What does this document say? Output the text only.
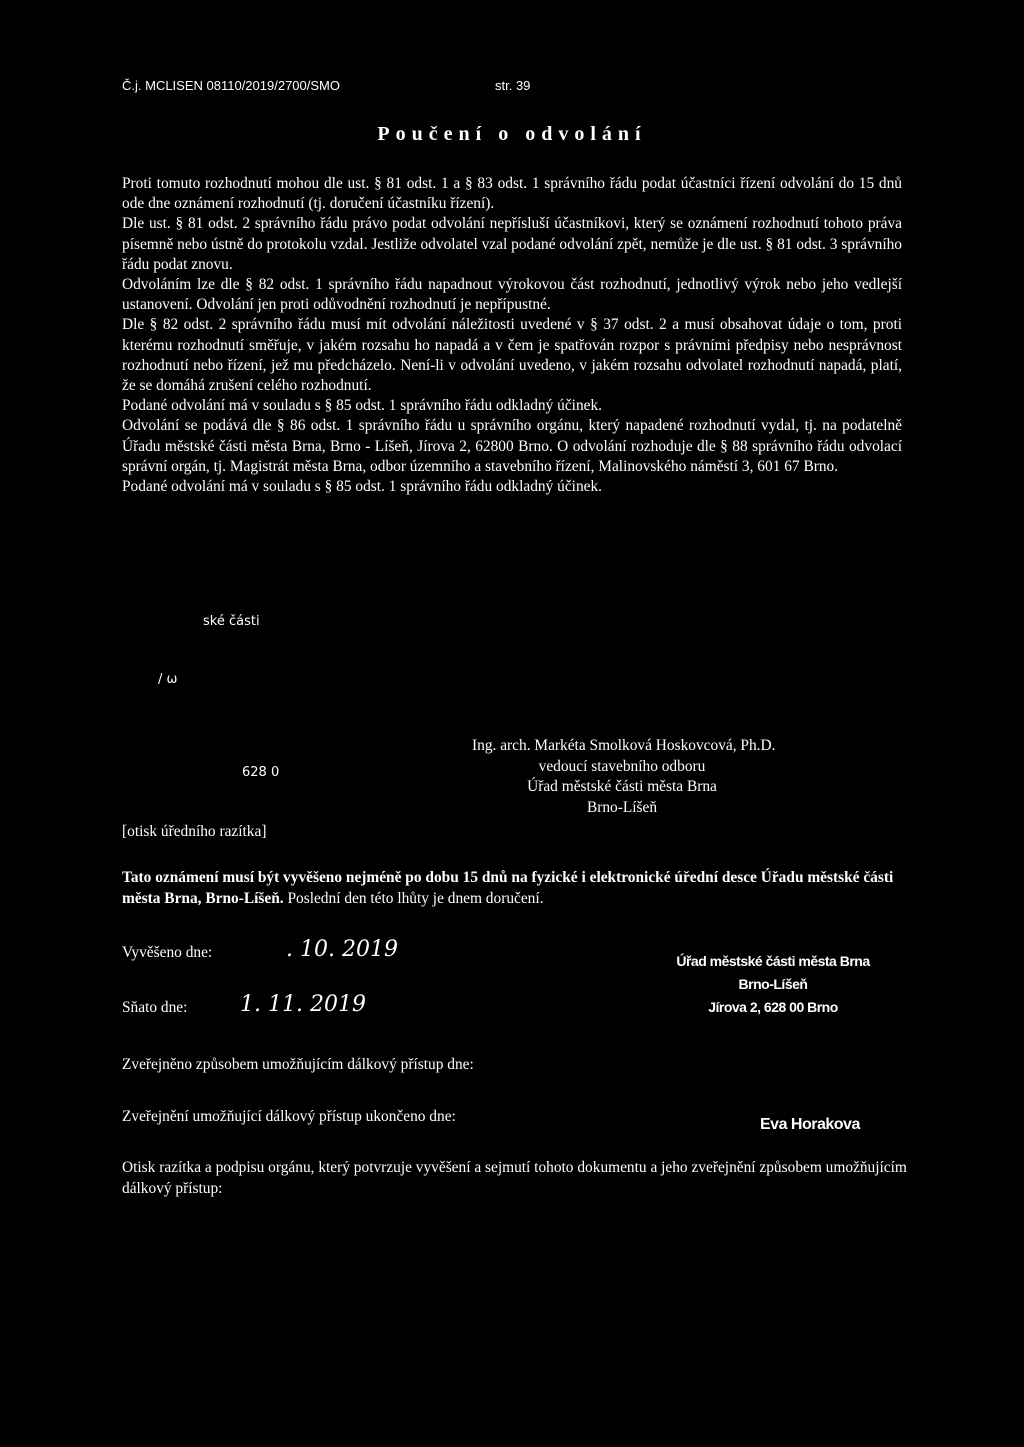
Č.j. MCLISEN 08110/2019/2700/SMO	str. 39
Poučení o odvolání

Proti tomuto rozhodnutí mohou dle ust. § 81 odst. 1 a § 83 odst. 1 správního řádu podat účastníci řízení odvolání do 15 dnů ode dne oznámení rozhodnutí (tj. doručení účastníku řízení).

Dle ust. § 81 odst. 2 správního řádu právo podat odvolání nepřísluší účastníkovi, který se oznámení rozhodnutí tohoto práva písemně nebo ústně do protokolu vzdal. Jestliže odvolatel vzal podané odvolání zpět, nemůže je dle ust. § 81 odst. 3 správního řádu podat znovu.

Odvoláním lze dle § 82 odst. 1 správního řádu napadnout výrokovou část rozhodnutí, jednotlivý výrok nebo jeho vedlejší ustanovení. Odvolání jen proti odůvodnění rozhodnutí je nepřípustné.

Dle § 82 odst. 2 správního řádu musí mít odvolání náležitosti uvedené v § 37 odst. 2 a musí obsahovat údaje o tom, proti kterému rozhodnutí směřuje, v jakém rozsahu ho napadá a v čem je spatřován rozpor s právními předpisy nebo nesprávnost rozhodnutí nebo řízení, jež mu předcházelo. Není-li v odvolání uvedeno, v jakém rozsahu odvolatel rozhodnutí napadá, platí, že se domáhá zrušení celého rozhodnutí.

Podané odvolání má v souladu s § 85 odst. 1 správního řádu odkladný účinek.

Odvolání se podává dle § 86 odst. 1 správního řádu u správního orgánu, který napadené rozhodnutí vydal, tj. na podatelně Úřadu městské části města Brna, Brno - Líšeň, Jírova 2, 62800 Brno. O odvolání rozhoduje dle § 88 správního řádu odvolací správní orgán, tj. Magistrát města Brna, odbor územního a stavebního řízení, Malinovského náměstí 3, 601 67 Brno.

Podané odvolání má v souladu s § 85 odst. 1 správního řádu odkladný účinek.

ské části
/ ω
628 0
Ing. arch. Markéta Smolková Hoskovcová, Ph.D.
vedoucí stavebního odboru
Úřad městské části města Brna
Brno-Líšeň
[otisk úředního razítka]
Tato oznámení musí být vyvěšeno nejméně po dobu 15 dnů na fyzické i elektronické úřední desce Úřadu městské části města Brna, Brno-Líšeň. Poslední den této lhůty je dnem doručení.
Vyvěšeno dne:	. 10. 2019
Sňato dne: 1. 11. 2019
Úřad městské části města Brna
Brno-Líšeň
Jírova 2, 628 00 Brno
Zveřejněno způsobem umožňujícím dálkový přístup dne:
Zveřejnění umožňující dálkový přístup ukončeno dne:	Eva Horakova
Otisk razítka a podpisu orgánu, který potvrzuje vyvěšení a sejmutí tohoto dokumentu a jeho zveřejnění způsobem umožňujícím dálkový přístup:
